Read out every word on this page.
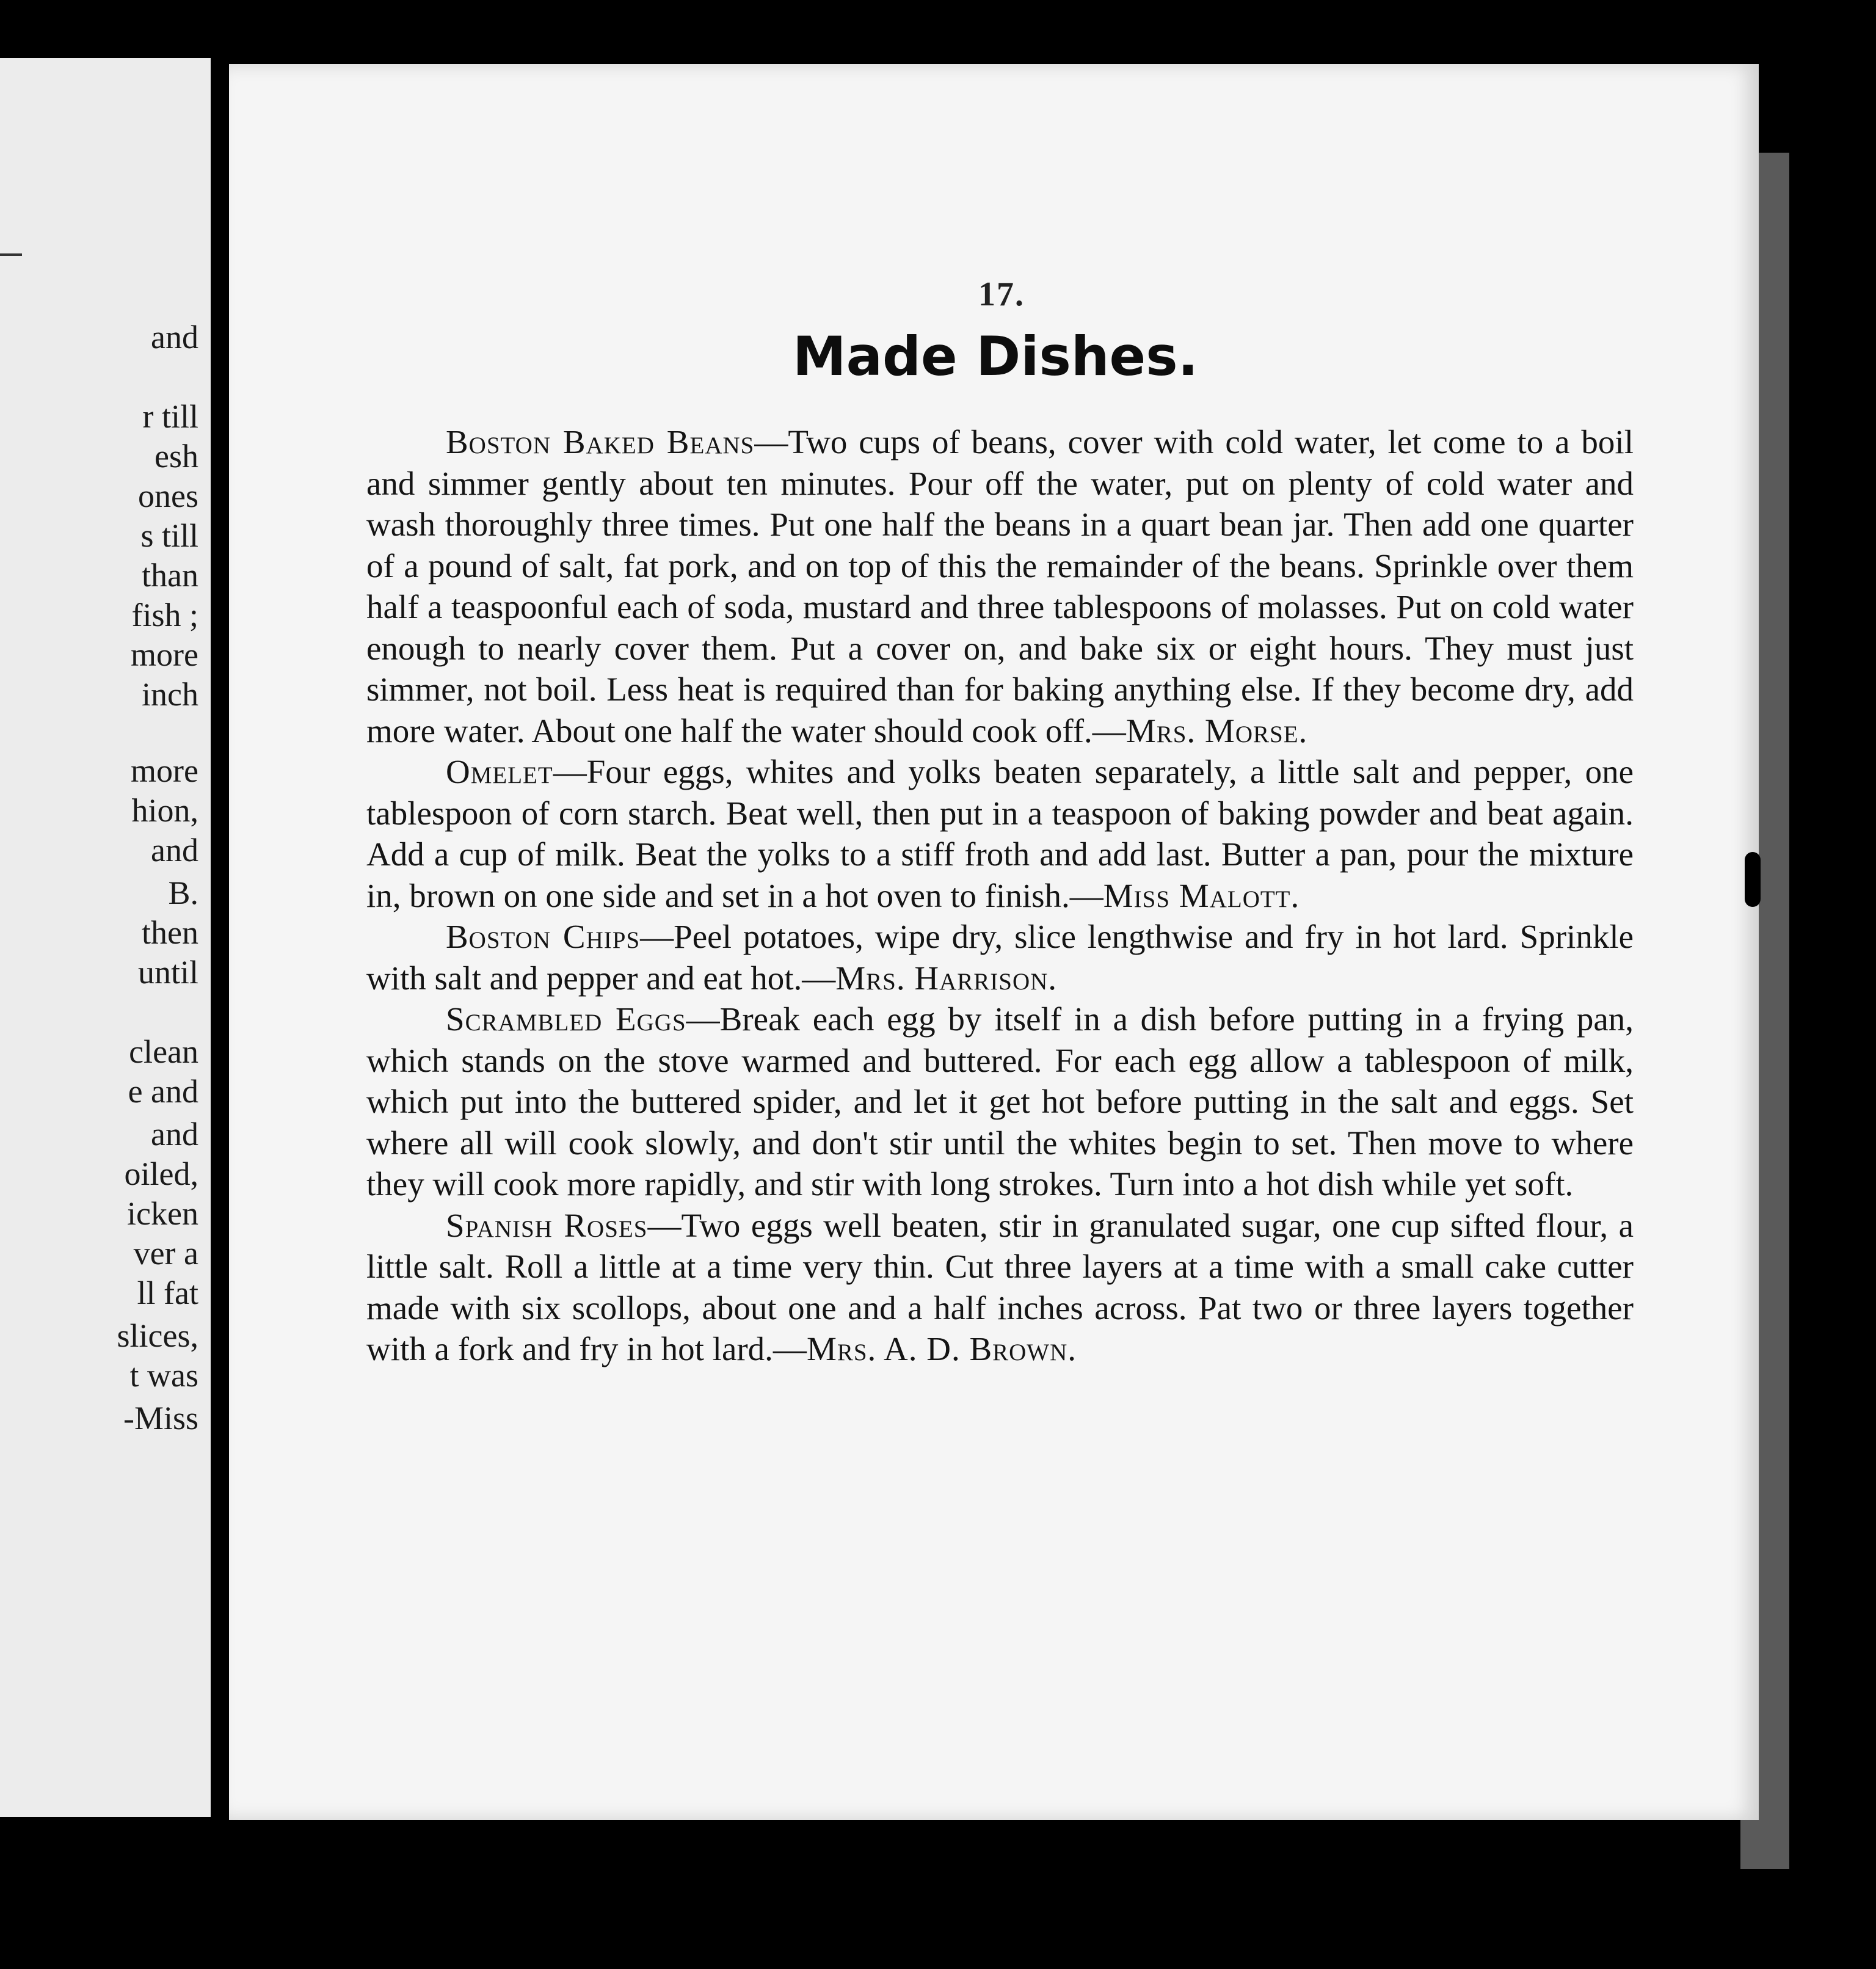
and
r till
esh
ones
s till
than
fish ;
more
inch
more
hion,
and
B.
then
until
clean
e and
and
oiled,
icken
ver a
ll fat
slices,
t was
-Miss
17.
Made Dishes.

Boston Baked Beans—Two cups of beans, cover with cold water, let come to a boil and simmer gently about ten minutes. Pour off the water, put on plenty of cold water and wash thoroughly three times. Put one half the beans in a quart bean jar. Then add one quarter of a pound of salt, fat pork, and on top of this the remainder of the beans. Sprinkle over them half a teaspoonful each of soda, mustard and three tablespoons of molasses. Put on cold water enough to nearly cover them. Put a cover on, and bake six or eight hours. They must just simmer, not boil. Less heat is required than for baking anything else. If they become dry, add more water. About one half the water should cook off.—Mrs. Morse.

Omelet—Four eggs, whites and yolks beaten separately, a little salt and pepper, one tablespoon of corn starch. Beat well, then put in a teaspoon of baking powder and beat again. Add a cup of milk. Beat the yolks to a stiff froth and add last. Butter a pan, pour the mixture in, brown on one side and set in a hot oven to finish.—Miss Malott.

Boston Chips—Peel potatoes, wipe dry, slice lengthwise and fry in hot lard. Sprinkle with salt and pepper and eat hot.—Mrs. Harrison.

Scrambled Eggs—Break each egg by itself in a dish before putting in a frying pan, which stands on the stove warmed and buttered. For each egg allow a tablespoon of milk, which put into the buttered spider, and let it get hot before putting in the salt and eggs. Set where all will cook slowly, and don't stir until the whites begin to set. Then move to where they will cook more rapidly, and stir with long strokes. Turn into a hot dish while yet soft.

Spanish Roses—Two eggs well beaten, stir in granulated sugar, one cup sifted flour, a little salt. Roll a little at a time very thin. Cut three layers at a time with a small cake cutter made with six scollops, about one and a half inches across. Pat two or three layers together with a fork and fry in hot lard.—Mrs. A. D. Brown.
